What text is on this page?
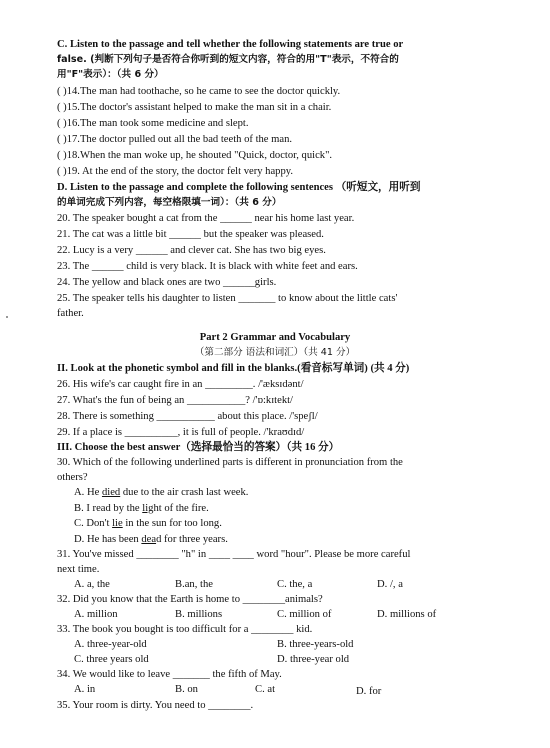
C. Listen to the passage and tell whether the following statements are true or
false. (判断下列句子是否符合你听到的短文内容，符合的用"T"表示，不符合的
用"F"表示）：（共 6 分）
( )14.The man had toothache, so he came to see the doctor quickly.
( )15.The doctor's assistant helped to make the man sit in a chair.
( )16.The man took some medicine and slept.
( )17.The doctor pulled out all the bad teeth of the man.
( )18.When the man woke up, he shouted "Quick, doctor, quick".
( )19. At the end of the story, the doctor felt very happy.
D. Listen to the passage and complete the following sentences （听短文，用听到
的单词完成下列内容，每空格限填一词）：（共 6 分）
20. The speaker bought a cat from the ______ near his home last year.
21. The cat was a little bit ______ but the speaker was pleased.
22. Lucy is a very ______ and clever cat. She has two big eyes.
23. The ______ child is very black. It is black with white feet and ears.
24. The yellow and black ones are two ______girls.
25. The speaker tells his daughter to listen _______ to know about the little cats'
father.
Part 2 Grammar and Vocabulary
（第二部分 语法和词汇）（共 41 分）
II. Look at the phonetic symbol and fill in the blanks.(看音标写单词) (共 4 分)
26. His wife's car caught fire in an _________. /'æksɪdənt/
27. What's the fun of being an ___________? /'ɒ:kɪtekt/
28. There is something ___________ about this place. /'speʃl/
29. If a place is __________, it is full of people. /'kraʊdɪd/
III. Choose the best answer（选择最恰当的答案）（共 16 分）
30. Which of the following underlined parts is different in pronunciation from the
others?
A. He died due to the air crash last week.
B. I read by the light of the fire.
C. Don't lie in the sun for too long.
D. He has been dead for three years.
31. You've missed ________ "h" in ____ ____ word "hour". Please be more careful
next time.
A. a, the	B.an, the	C. the, a	D. /, a
32. Did you know that the Earth is home to ________animals?
A. million	B. millions	C. million of	D. millions of
33. The book you bought is too difficult for a ________ kid.
A. three-year-old	B. three-years-old
C. three years old	D. three-year old
34. We would like to leave _______ the fifth of May.
A. in	B. on	C. at	D. for
35. Your room is dirty. You need to ________.
